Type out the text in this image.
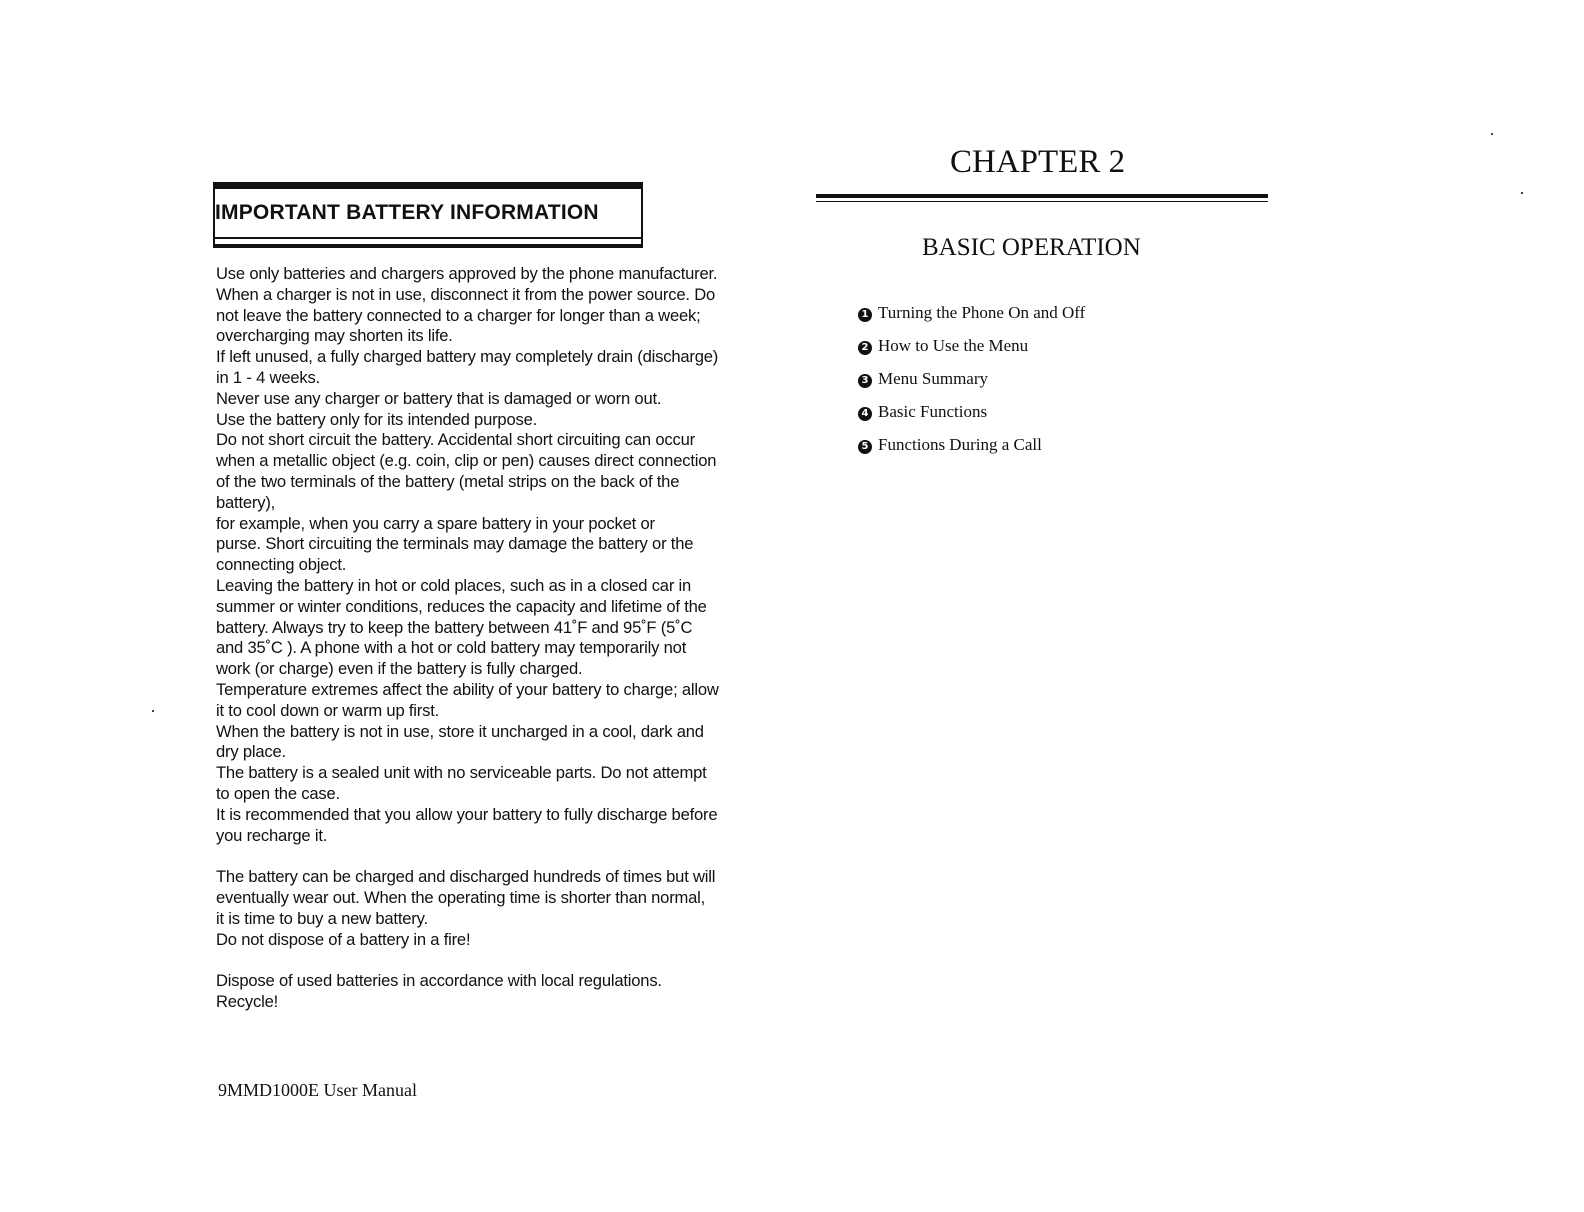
IMPORTANT BATTERY INFORMATION
Use only batteries and chargers approved by the phone manufacturer.
When a charger is not in use, disconnect it from the power source. Do
not leave the battery connected to a charger for longer than a week;
overcharging may shorten its life.
If left unused, a fully charged battery may completely drain (discharge)
in 1 - 4 weeks.
Never use any charger or battery that is damaged or worn out.
Use the battery only for its intended purpose.
Do not short circuit the battery. Accidental short circuiting can occur
when a metallic object (e.g. coin, clip or pen) causes direct connection
of the two terminals of the battery (metal strips on the back of the
battery),
for example, when you carry a spare battery in your pocket or
purse. Short circuiting the terminals may damage the battery or the
connecting object.
Leaving the battery in hot or cold places, such as in a closed car in
summer or winter conditions, reduces the capacity and lifetime of the
battery. Always try to keep the battery between 41˚F and 95˚F (5˚C
and 35˚C ). A phone with a hot or cold battery may temporarily not
work (or charge) even if the battery is fully charged.
Temperature extremes affect the ability of your battery to charge; allow
it to cool down or warm up first.
When the battery is not in use, store it uncharged in a cool, dark and
dry place.
The battery is a sealed unit with no serviceable parts. Do not attempt
to open the case.
It is recommended that you allow your battery to fully discharge before
you recharge it.
The battery can be charged and discharged hundreds of times but will
eventually wear out. When the operating time is shorter than normal,
it is time to buy a new battery.
Do not dispose of a battery in a fire!
Dispose of used batteries in accordance with local regulations.
Recycle!
9MMD1000E User Manual
CHAPTER 2
BASIC OPERATION
1 Turning the Phone On and Off
2 How to Use the Menu
3 Menu Summary
4 Basic Functions
5 Functions During a Call
